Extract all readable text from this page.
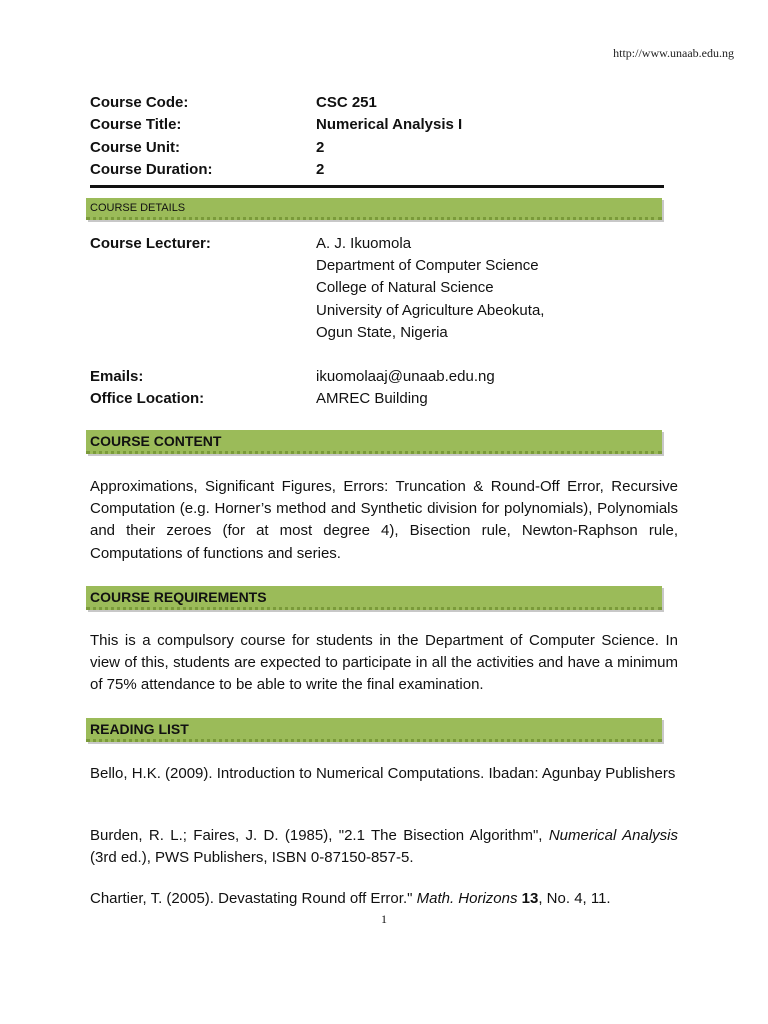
http://www.unaab.edu.ng
Course Code:	CSC 251
Course Title:	Numerical Analysis I
Course Unit:	2
Course Duration:	2
COURSE DETAILS
Course Lecturer:	A. J. Ikuomola
Department of Computer Science
College of Natural Science
University of Agriculture Abeokuta,
Ogun State, Nigeria
Emails:	ikuomolaaj@unaab.edu.ng
Office Location:	AMREC Building
COURSE CONTENT
Approximations, Significant Figures, Errors: Truncation & Round-Off Error, Recursive Computation (e.g. Horner’s method and Synthetic division for polynomials), Polynomials and their zeroes (for at most degree 4), Bisection rule, Newton-Raphson rule, Computations of functions and series.
COURSE REQUIREMENTS
This is a compulsory course for students in the Department of Computer Science. In view of this, students are expected to participate in all the activities and have a minimum of 75% attendance to be able to write the final examination.
READING LIST
Bello, H.K. (2009). Introduction to Numerical Computations. Ibadan: Agunbay Publishers
Burden, R. L.; Faires, J. D. (1985), "2.1 The Bisection Algorithm", Numerical Analysis (3rd ed.), PWS Publishers, ISBN 0-87150-857-5.
Chartier, T. (2005). Devastating Round off Error." Math. Horizons 13, No. 4, 11.
1
